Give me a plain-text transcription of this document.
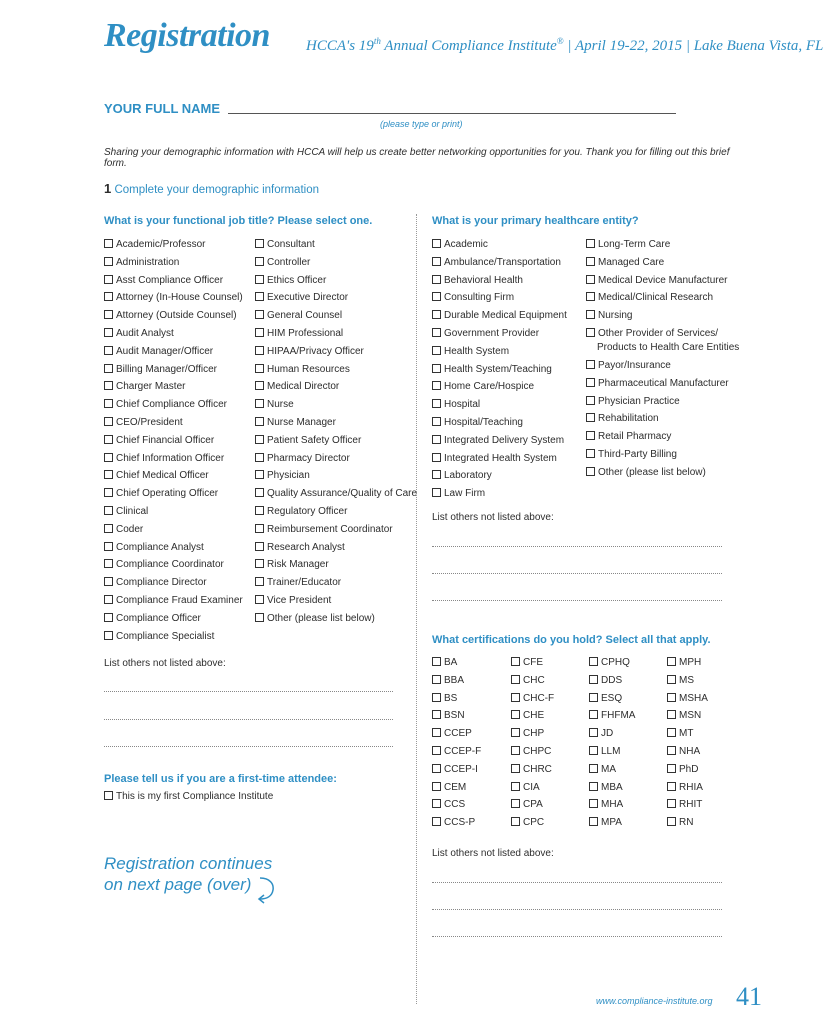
Registration HCCA's 19th Annual Compliance Institute® | April 19-22, 2015 | Lake Buena Vista, FL
YOUR FULL NAME
(please type or print)
Sharing your demographic information with HCCA will help us create better networking opportunities for you. Thank you for filling out this brief form.
1 Complete your demographic information
What is your functional job title? Please select one.
Academic/Professor
Administration
Asst Compliance Officer
Attorney (In-House Counsel)
Attorney (Outside Counsel)
Audit Analyst
Audit Manager/Officer
Billing Manager/Officer
Charger Master
Chief Compliance Officer
CEO/President
Chief Financial Officer
Chief Information Officer
Chief Medical Officer
Chief Operating Officer
Clinical
Coder
Compliance Analyst
Compliance Coordinator
Compliance Director
Compliance Fraud Examiner
Compliance Officer
Compliance Specialist
Consultant
Controller
Ethics Officer
Executive Director
General Counsel
HIM Professional
HIPAA/Privacy Officer
Human Resources
Medical Director
Nurse
Nurse Manager
Patient Safety Officer
Pharmacy Director
Physician
Quality Assurance/Quality of Care
Regulatory Officer
Reimbursement Coordinator
Research Analyst
Risk Manager
Trainer/Educator
Vice President
Other (please list below)
List others not listed above:
Please tell us if you are a first-time attendee:
This is my first Compliance Institute
Registration continues
on next page (over)
What is your primary healthcare entity?
Academic
Ambulance/Transportation
Behavioral Health
Consulting Firm
Durable Medical Equipment
Government Provider
Health System
Health System/Teaching
Home Care/Hospice
Hospital
Hospital/Teaching
Integrated Delivery System
Integrated Health System
Laboratory
Law Firm
Long-Term Care
Managed Care
Medical Device Manufacturer
Medical/Clinical Research
Nursing
Other Provider of Services/
Products to Health Care Entities
Payor/Insurance
Pharmaceutical Manufacturer
Physician Practice
Rehabilitation
Retail Pharmacy
Third-Party Billing
Other (please list below)
List others not listed above:
What certifications do you hold? Select all that apply.
BA
BBA
BS
BSN
CCEP
CCEP-F
CCEP-I
CEM
CCS
CCS-P
CFE
CHC
CHC-F
CHE
CHP
CHPC
CHRC
CIA
CPA
CPC
CPHQ
DDS
ESQ
FHFMA
JD
LLM
MA
MBA
MHA
MPA
MPH
MS
MSHA
MSN
MT
NHA
PhD
RHIA
RHIT
RN
List others not listed above:
www.compliance-institute.org 41
